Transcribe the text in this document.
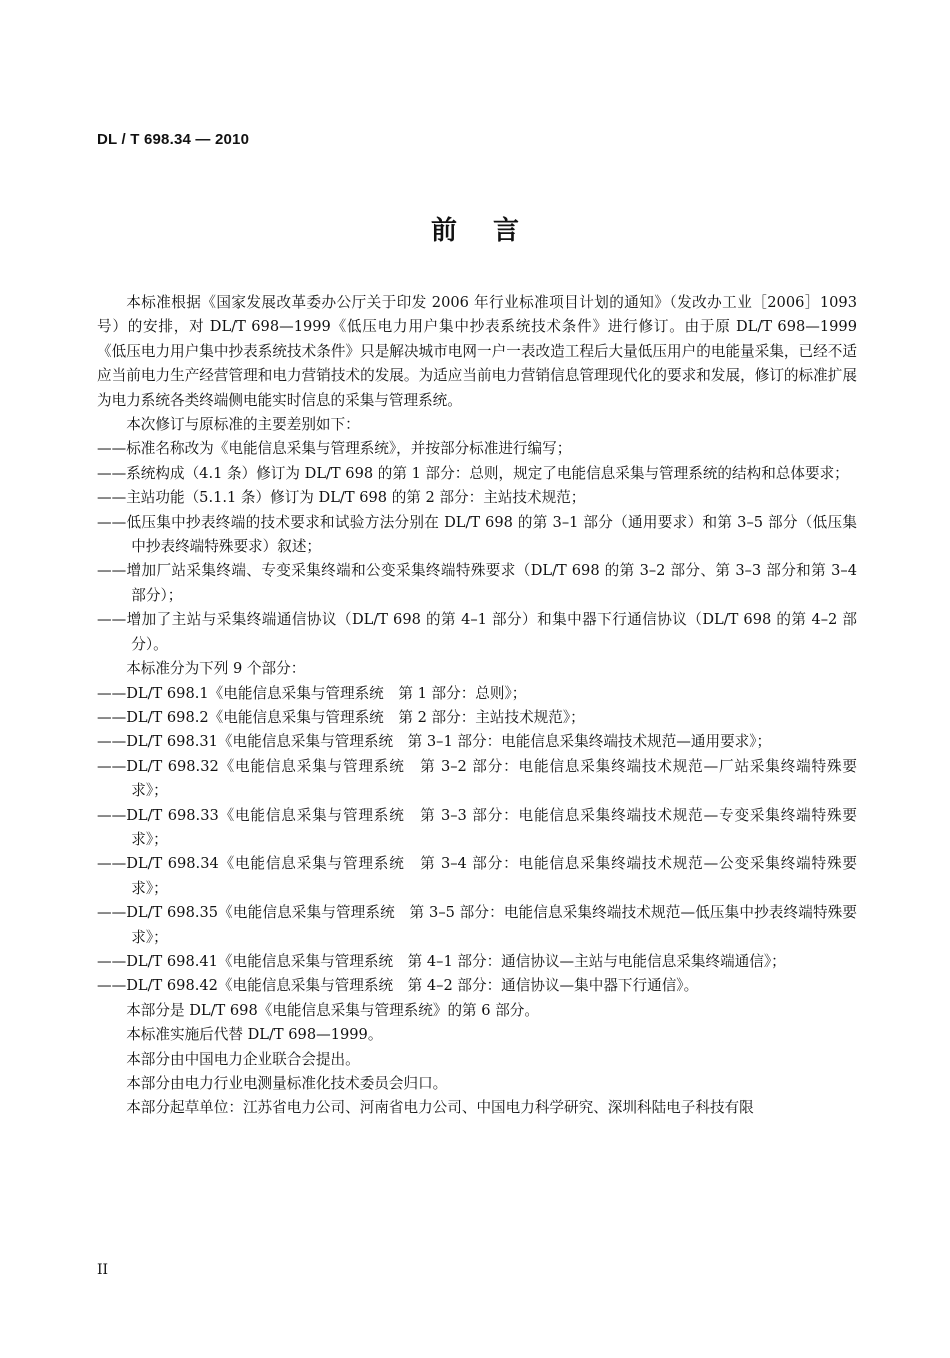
DL / T 698.34 — 2010
前言

本标准根据《国家发展改革委办公厅关于印发 2006 年行业标准项目计划的通知》（发改办工业［2006］1093 号）的安排，对 DL/T 698—1999《低压电力用户集中抄表系统技术条件》进行修订。由于原 DL/T 698—1999《低压电力用户集中抄表系统技术条件》只是解决城市电网一户一表改造工程后大量低压用户的电能量采集，已经不适应当前电力生产经营管理和电力营销技术的发展。为适应当前电力营销信息管理现代化的要求和发展，修订的标准扩展为电力系统各类终端侧电能实时信息的采集与管理系统。

本次修订与原标准的主要差别如下：

——标准名称改为《电能信息采集与管理系统》，并按部分标准进行编写；

——系统构成（4.1 条）修订为 DL/T 698 的第 1 部分：总则，规定了电能信息采集与管理系统的结构和总体要求；

——主站功能（5.1.1 条）修订为 DL/T 698 的第 2 部分：主站技术规范；

——低压集中抄表终端的技术要求和试验方法分别在 DL/T 698 的第 3–1 部分（通用要求）和第 3–5 部分（低压集中抄表终端特殊要求）叙述；

——增加厂站采集终端、专变采集终端和公变采集终端特殊要求（DL/T 698 的第 3–2 部分、第 3–3 部分和第 3–4 部分）；

——增加了主站与采集终端通信协议（DL/T 698 的第 4–1 部分）和集中器下行通信协议（DL/T 698 的第 4–2 部分）。

本标准分为下列 9 个部分：

——DL/T 698.1《电能信息采集与管理系统　第 1 部分：总则》；

——DL/T 698.2《电能信息采集与管理系统　第 2 部分：主站技术规范》；

——DL/T 698.31《电能信息采集与管理系统　第 3–1 部分：电能信息采集终端技术规范—通用要求》；

——DL/T 698.32《电能信息采集与管理系统　第 3–2 部分：电能信息采集终端技术规范—厂站采集终端特殊要求》；

——DL/T 698.33《电能信息采集与管理系统　第 3–3 部分：电能信息采集终端技术规范—专变采集终端特殊要求》；

——DL/T 698.34《电能信息采集与管理系统　第 3–4 部分：电能信息采集终端技术规范—公变采集终端特殊要求》；

——DL/T 698.35《电能信息采集与管理系统　第 3–5 部分：电能信息采集终端技术规范—低压集中抄表终端特殊要求》；

——DL/T 698.41《电能信息采集与管理系统　第 4–1 部分：通信协议—主站与电能信息采集终端通信》；

——DL/T 698.42《电能信息采集与管理系统　第 4–2 部分：通信协议—集中器下行通信》。

本部分是 DL/T 698《电能信息采集与管理系统》的第 6 部分。

本标准实施后代替 DL/T 698—1999。

本部分由中国电力企业联合会提出。

本部分由电力行业电测量标准化技术委员会归口。

本部分起草单位：江苏省电力公司、河南省电力公司、中国电力科学研究、深圳科陆电子科技有限

II
